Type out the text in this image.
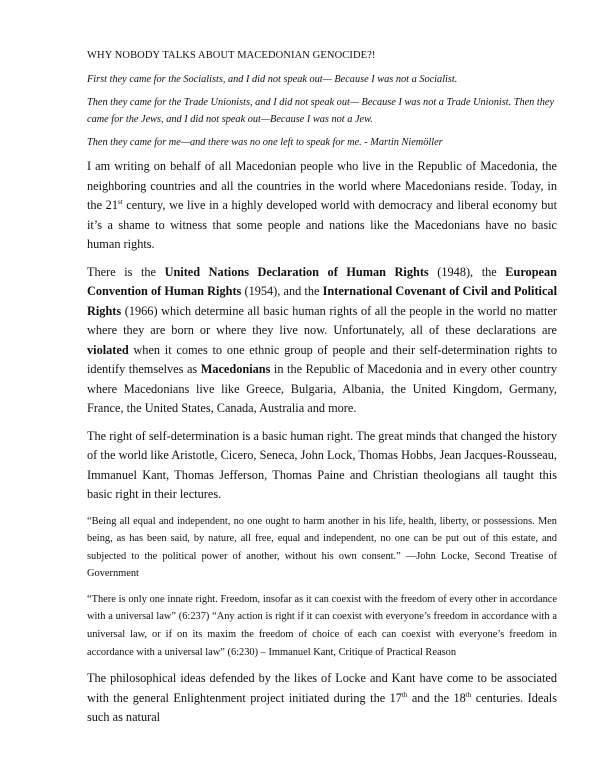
WHY NOBODY TALKS ABOUT MACEDONIAN GENOCIDE?!

First they came for the Socialists, and I did not speak out— Because I was not a Socialist.

Then they came for the Trade Unionists, and I did not speak out— Because I was not a Trade Unionist. Then they came for the Jews, and I did not speak out—Because I was not a Jew.

Then they came for me—and there was no one left to speak for me. - Martin Niemöller

I am writing on behalf of all Macedonian people who live in the Republic of Macedonia, the neighboring countries and all the countries in the world where Macedonians reside. Today, in the 21st century, we live in a highly developed world with democracy and liberal economy but it’s a shame to witness that some people and nations like the Macedonians have no basic human rights.

There is the United Nations Declaration of Human Rights (1948), the European Convention of Human Rights (1954), and the International Covenant of Civil and Political Rights (1966) which determine all basic human rights of all the people in the world no matter where they are born or where they live now. Unfortunately, all of these declarations are violated when it comes to one ethnic group of people and their self-determination rights to identify themselves as Macedonians in the Republic of Macedonia and in every other country where Macedonians live like Greece, Bulgaria, Albania, the United Kingdom, Germany, France, the United States, Canada, Australia and more.

The right of self-determination is a basic human right. The great minds that changed the history of the world like Aristotle, Cicero, Seneca, John Lock, Thomas Hobbs, Jean Jacques-Rousseau, Immanuel Kant, Thomas Jefferson, Thomas Paine and Christian theologians all taught this basic right in their lectures.

“Being all equal and independent, no one ought to harm another in his life, health, liberty, or possessions. Men being, as has been said, by nature, all free, equal and independent, no one can be put out of this estate, and subjected to the political power of another, without his own consent.” —John Locke, Second Treatise of Government

“There is only one innate right. Freedom, insofar as it can coexist with the freedom of every other in accordance with a universal law” (6:237) “Any action is right if it can coexist with everyone’s freedom in accordance with a universal law, or if on its maxim the freedom of choice of each can coexist with everyone’s freedom in accordance with a universal law” (6:230) – Immanuel Kant, Critique of Practical Reason

The philosophical ideas defended by the likes of Locke and Kant have come to be associated with the general Enlightenment project initiated during the 17th and the 18th centuries. Ideals such as natural
